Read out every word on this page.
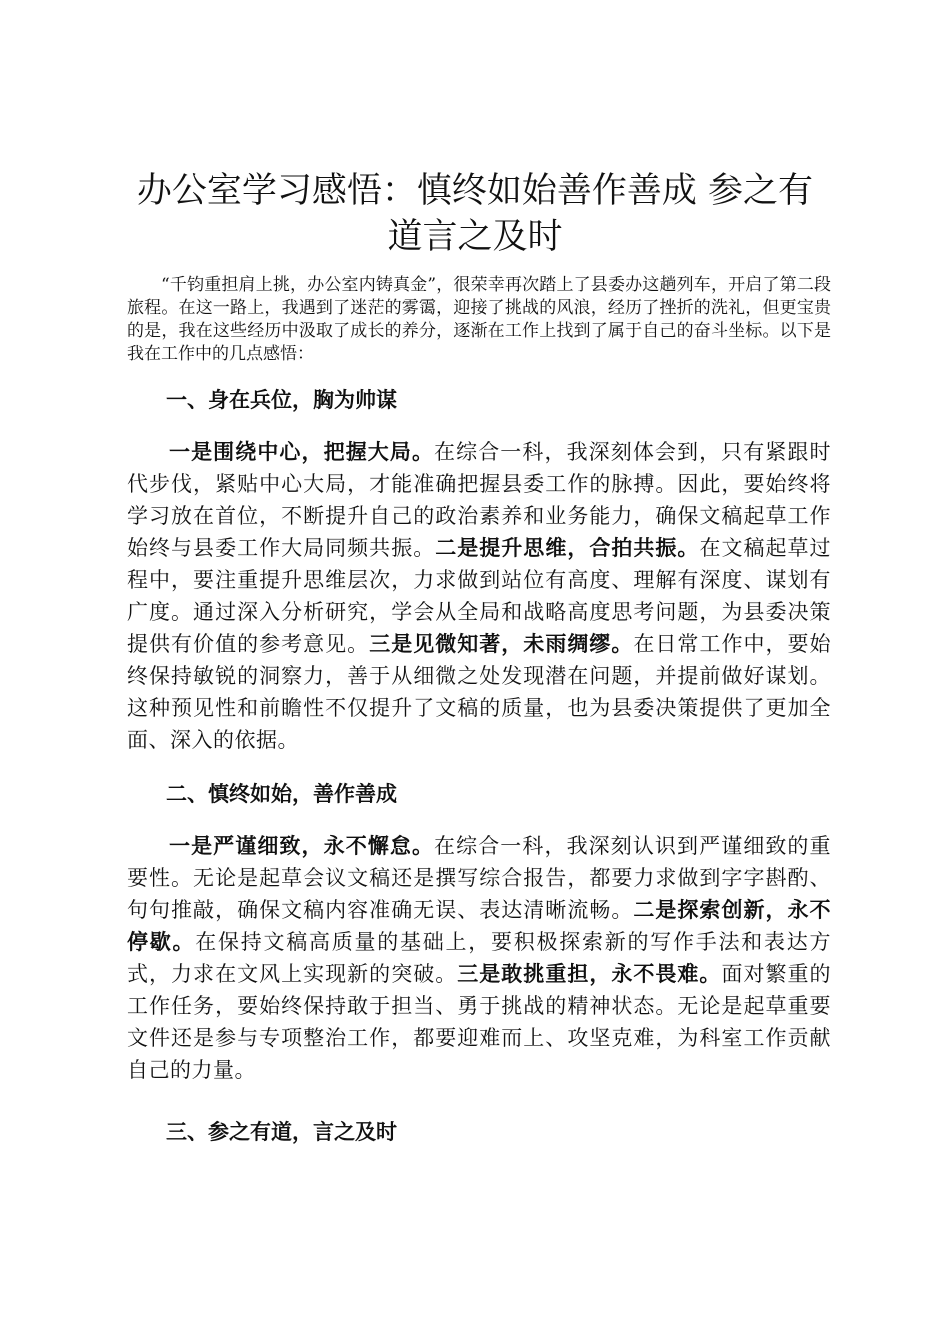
办公室学习感悟：慎终如始善作善成 参之有道言之及时

“千钧重担肩上挑，办公室内铸真金”，很荣幸再次踏上了县委办这趟列车，开启了第二段旅程。在这一路上，我遇到了迷茫的雾霭，迎接了挑战的风浪，经历了挫折的洗礼，但更宝贵的是，我在这些经历中汲取了成长的养分，逐渐在工作上找到了属于自己的奋斗坐标。以下是我在工作中的几点感悟：

一、身在兵位，胸为帅谋

一是围绕中心，把握大局。在综合一科，我深刻体会到，只有紧跟时代步伐，紧贴中心大局，才能准确把握县委工作的脉搏。因此，要始终将学习放在首位，不断提升自己的政治素养和业务能力，确保文稿起草工作始终与县委工作大局同频共振。二是提升思维，合拍共振。在文稿起草过程中，要注重提升思维层次，力求做到站位有高度、理解有深度、谋划有广度。通过深入分析研究，学会从全局和战略高度思考问题，为县委决策提供有价值的参考意见。三是见微知著，未雨绸缪。在日常工作中，要始终保持敏锐的洞察力，善于从细微之处发现潜在问题，并提前做好谋划。这种预见性和前瞻性不仅提升了文稿的质量，也为县委决策提供了更加全面、深入的依据。

二、慎终如始，善作善成

一是严谨细致，永不懈怠。在综合一科，我深刻认识到严谨细致的重要性。无论是起草会议文稿还是撰写综合报告，都要力求做到字字斟酌、句句推敲，确保文稿内容准确无误、表达清晰流畅。二是探索创新，永不停歇。在保持文稿高质量的基础上，要积极探索新的写作手法和表达方式，力求在文风上实现新的突破。三是敢挑重担，永不畏难。面对繁重的工作任务，要始终保持敢于担当、勇于挑战的精神状态。无论是起草重要文件还是参与专项整治工作，都要迎难而上、攻坚克难，为科室工作贡献自己的力量。

三、参之有道，言之及时
